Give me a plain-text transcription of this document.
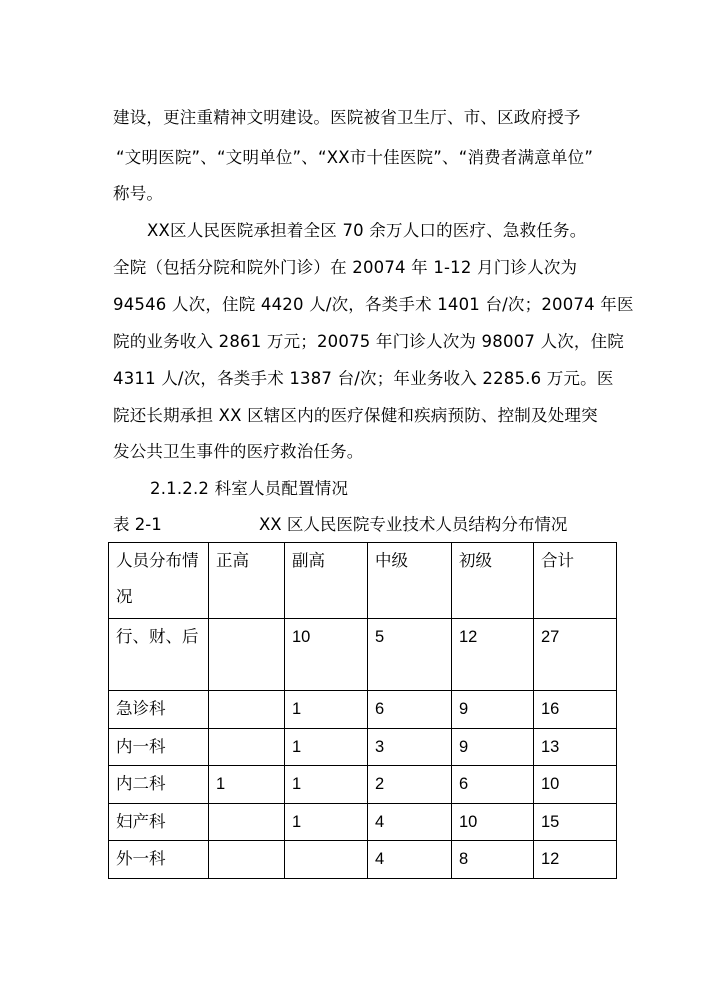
建设，更注重精神文明建设。医院被省卫生厅、市、区政府授予
“文明医院”、“文明单位”、“XX市十佳医院”、“消费者满意单位”
称号。
XX区人民医院承担着全区 70 余万人口的医疗、急救任务。
全院（包括分院和院外门诊）在 20074 年 1-12 月门诊人次为
94546 人次，住院 4420 人/次，各类手术 1401 台/次；20074 年医
院的业务收入 2861 万元；20075 年门诊人次为 98007 人次，住院
4311 人/次，各类手术 1387 台/次；年业务收入 2285.6 万元。医
院还长期承担 XX 区辖区内的医疗保健和疾病预防、控制及处理突
发公共卫生事件的医疗救治任务。
2.1.2.2 科室人员配置情况
表 2-1	XX 区人民医院专业技术人员结构分布情况
人员分布情况	正高	副高	中级	初级	合计
行、财、后		10	5	12	27
急诊科		1	6	9	16
内一科		1	3	9	13
内二科	1	1	2	6	10
妇产科		1	4	10	15
外一科			4	8	12
